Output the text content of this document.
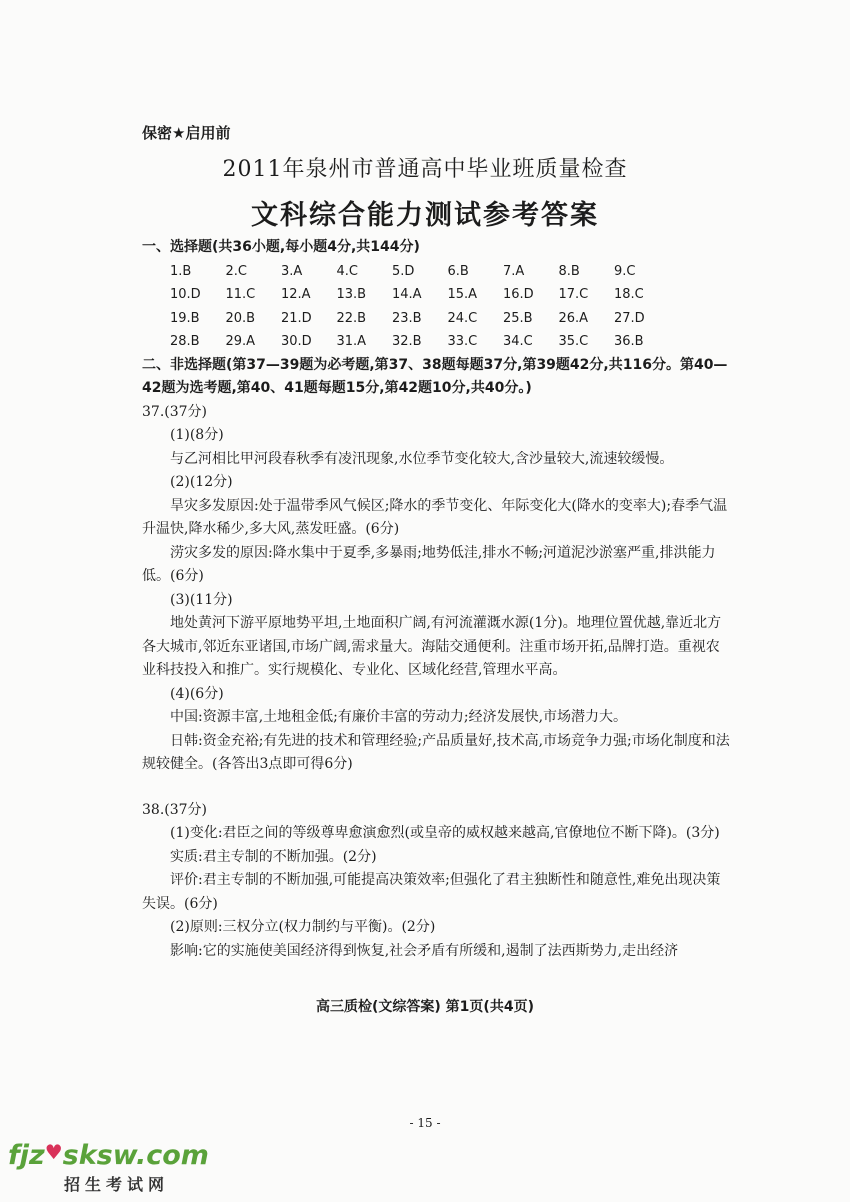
保密★启用前
2011年泉州市普通高中毕业班质量检查
文科综合能力测试参考答案

一、选择题(共36小题,每小题4分,共144分)

1.B	2.C	3.A	4.C	5.D	6.B	7.A	8.B	9.C
10.D	11.C	12.A	13.B	14.A	15.A	16.D	17.C	18.C
19.B	20.B	21.D	22.B	23.B	24.C	25.B	26.A	27.D
28.B	29.A	30.D	31.A	32.B	33.C	34.C	35.C	36.B

二、非选择题(第37—39题为必考题,第37、38题每题37分,第39题42分,共116分。第40—42题为选考题,第40、41题每题15分,第42题10分,共40分。)

37.(37分)

(1)(8分)

与乙河相比甲河段春秋季有凌汛现象,水位季节变化较大,含沙量较大,流速较缓慢。

(2)(12分)

旱灾多发原因:处于温带季风气候区;降水的季节变化、年际变化大(降水的变率大);春季气温升温快,降水稀少,多大风,蒸发旺盛。(6分)

涝灾多发的原因:降水集中于夏季,多暴雨;地势低洼,排水不畅;河道泥沙淤塞严重,排洪能力低。(6分)

(3)(11分)

地处黄河下游平原地势平坦,土地面积广阔,有河流灌溉水源(1分)。地理位置优越,靠近北方各大城市,邻近东亚诸国,市场广阔,需求量大。海陆交通便利。注重市场开拓,品牌打造。重视农业科技投入和推广。实行规模化、专业化、区域化经营,管理水平高。

(4)(6分)

中国:资源丰富,土地租金低;有廉价丰富的劳动力;经济发展快,市场潜力大。

日韩:资金充裕;有先进的技术和管理经验;产品质量好,技术高,市场竞争力强;市场化制度和法规较健全。(各答出3点即可得6分)

38.(37分)

(1)变化:君臣之间的等级尊卑愈演愈烈(或皇帝的威权越来越高,官僚地位不断下降)。(3分)

实质:君主专制的不断加强。(2分)

评价:君主专制的不断加强,可能提高决策效率;但强化了君主独断性和随意性,难免出现决策失误。(6分)

(2)原则:三权分立(权力制约与平衡)。(2分)

影响:它的实施使美国经济得到恢复,社会矛盾有所缓和,遏制了法西斯势力,走出经济

高三质检(文综答案) 第1页(共4页)
- 15 -
fjz♥sksw.com
招生考试网
